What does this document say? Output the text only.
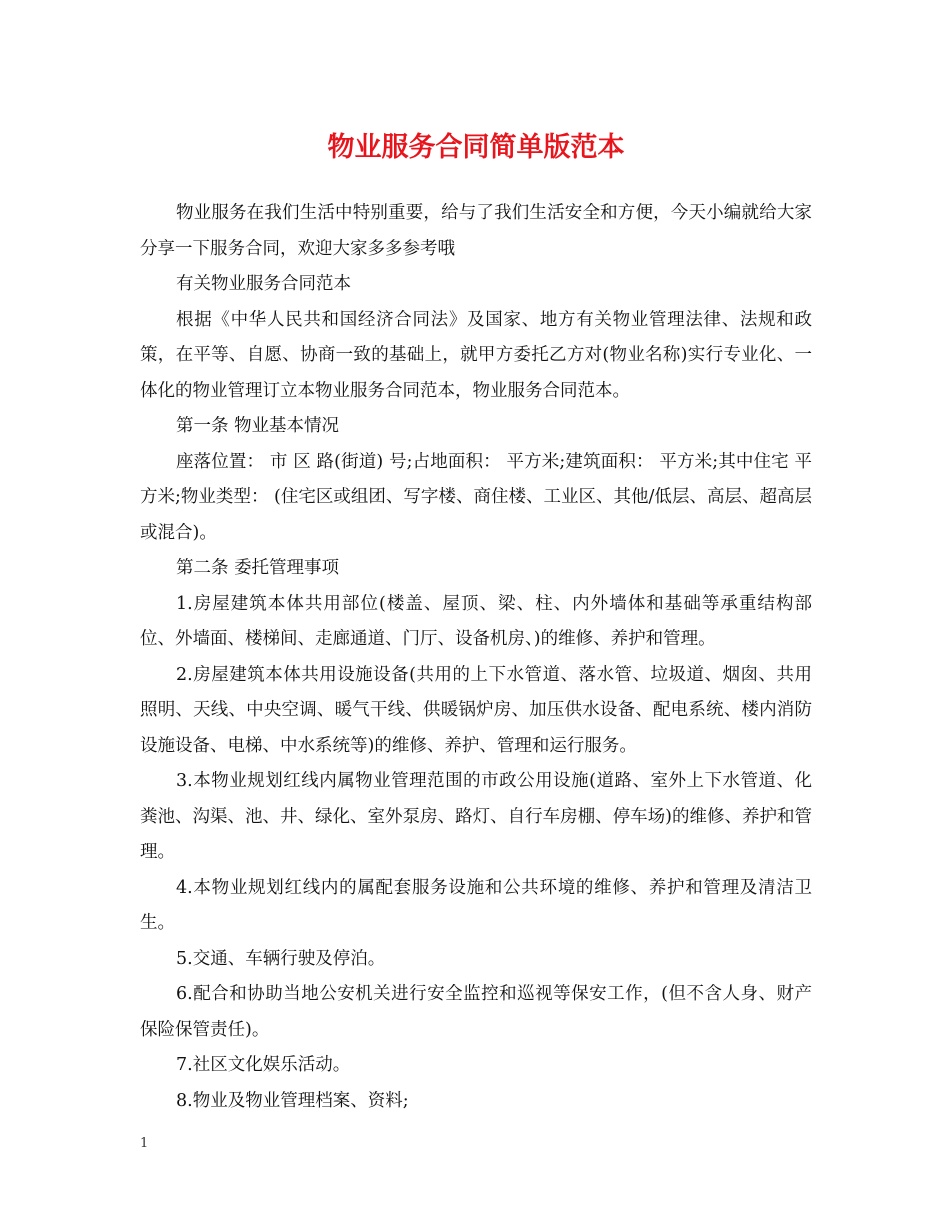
物业服务合同简单版范本

物业服务在我们生活中特别重要，给与了我们生活安全和方便，今天小编就给大家分享一下服务合同，欢迎大家多多参考哦

有关物业服务合同范本

根据《中华人民共和国经济合同法》及国家、地方有关物业管理法律、法规和政策，在平等、自愿、协商一致的基础上，就甲方委托乙方对(物业名称)实行专业化、一体化的物业管理订立本物业服务合同范本，物业服务合同范本。

第一条 物业基本情况

座落位置： 市 区 路(街道) 号;占地面积： 平方米;建筑面积： 平方米;其中住宅 平方米;物业类型： (住宅区或组团、写字楼、商住楼、工业区、其他/低层、高层、超高层或混合)。

第二条 委托管理事项

1.房屋建筑本体共用部位(楼盖、屋顶、梁、柱、内外墙体和基础等承重结构部位、外墙面、楼梯间、走廊通道、门厅、设备机房、)的维修、养护和管理。

2.房屋建筑本体共用设施设备(共用的上下水管道、落水管、垃圾道、烟囱、共用照明、天线、中央空调、暖气干线、供暖锅炉房、加压供水设备、配电系统、楼内消防设施设备、电梯、中水系统等)的维修、养护、管理和运行服务。

3.本物业规划红线内属物业管理范围的市政公用设施(道路、室外上下水管道、化粪池、沟渠、池、井、绿化、室外泵房、路灯、自行车房棚、停车场)的维修、养护和管理。

4.本物业规划红线内的属配套服务设施和公共环境的维修、养护和管理及清洁卫生。

5.交通、车辆行驶及停泊。

6.配合和协助当地公安机关进行安全监控和巡视等保安工作，(但不含人身、财产保险保管责任)。

7.社区文化娱乐活动。

8.物业及物业管理档案、资料;

1
